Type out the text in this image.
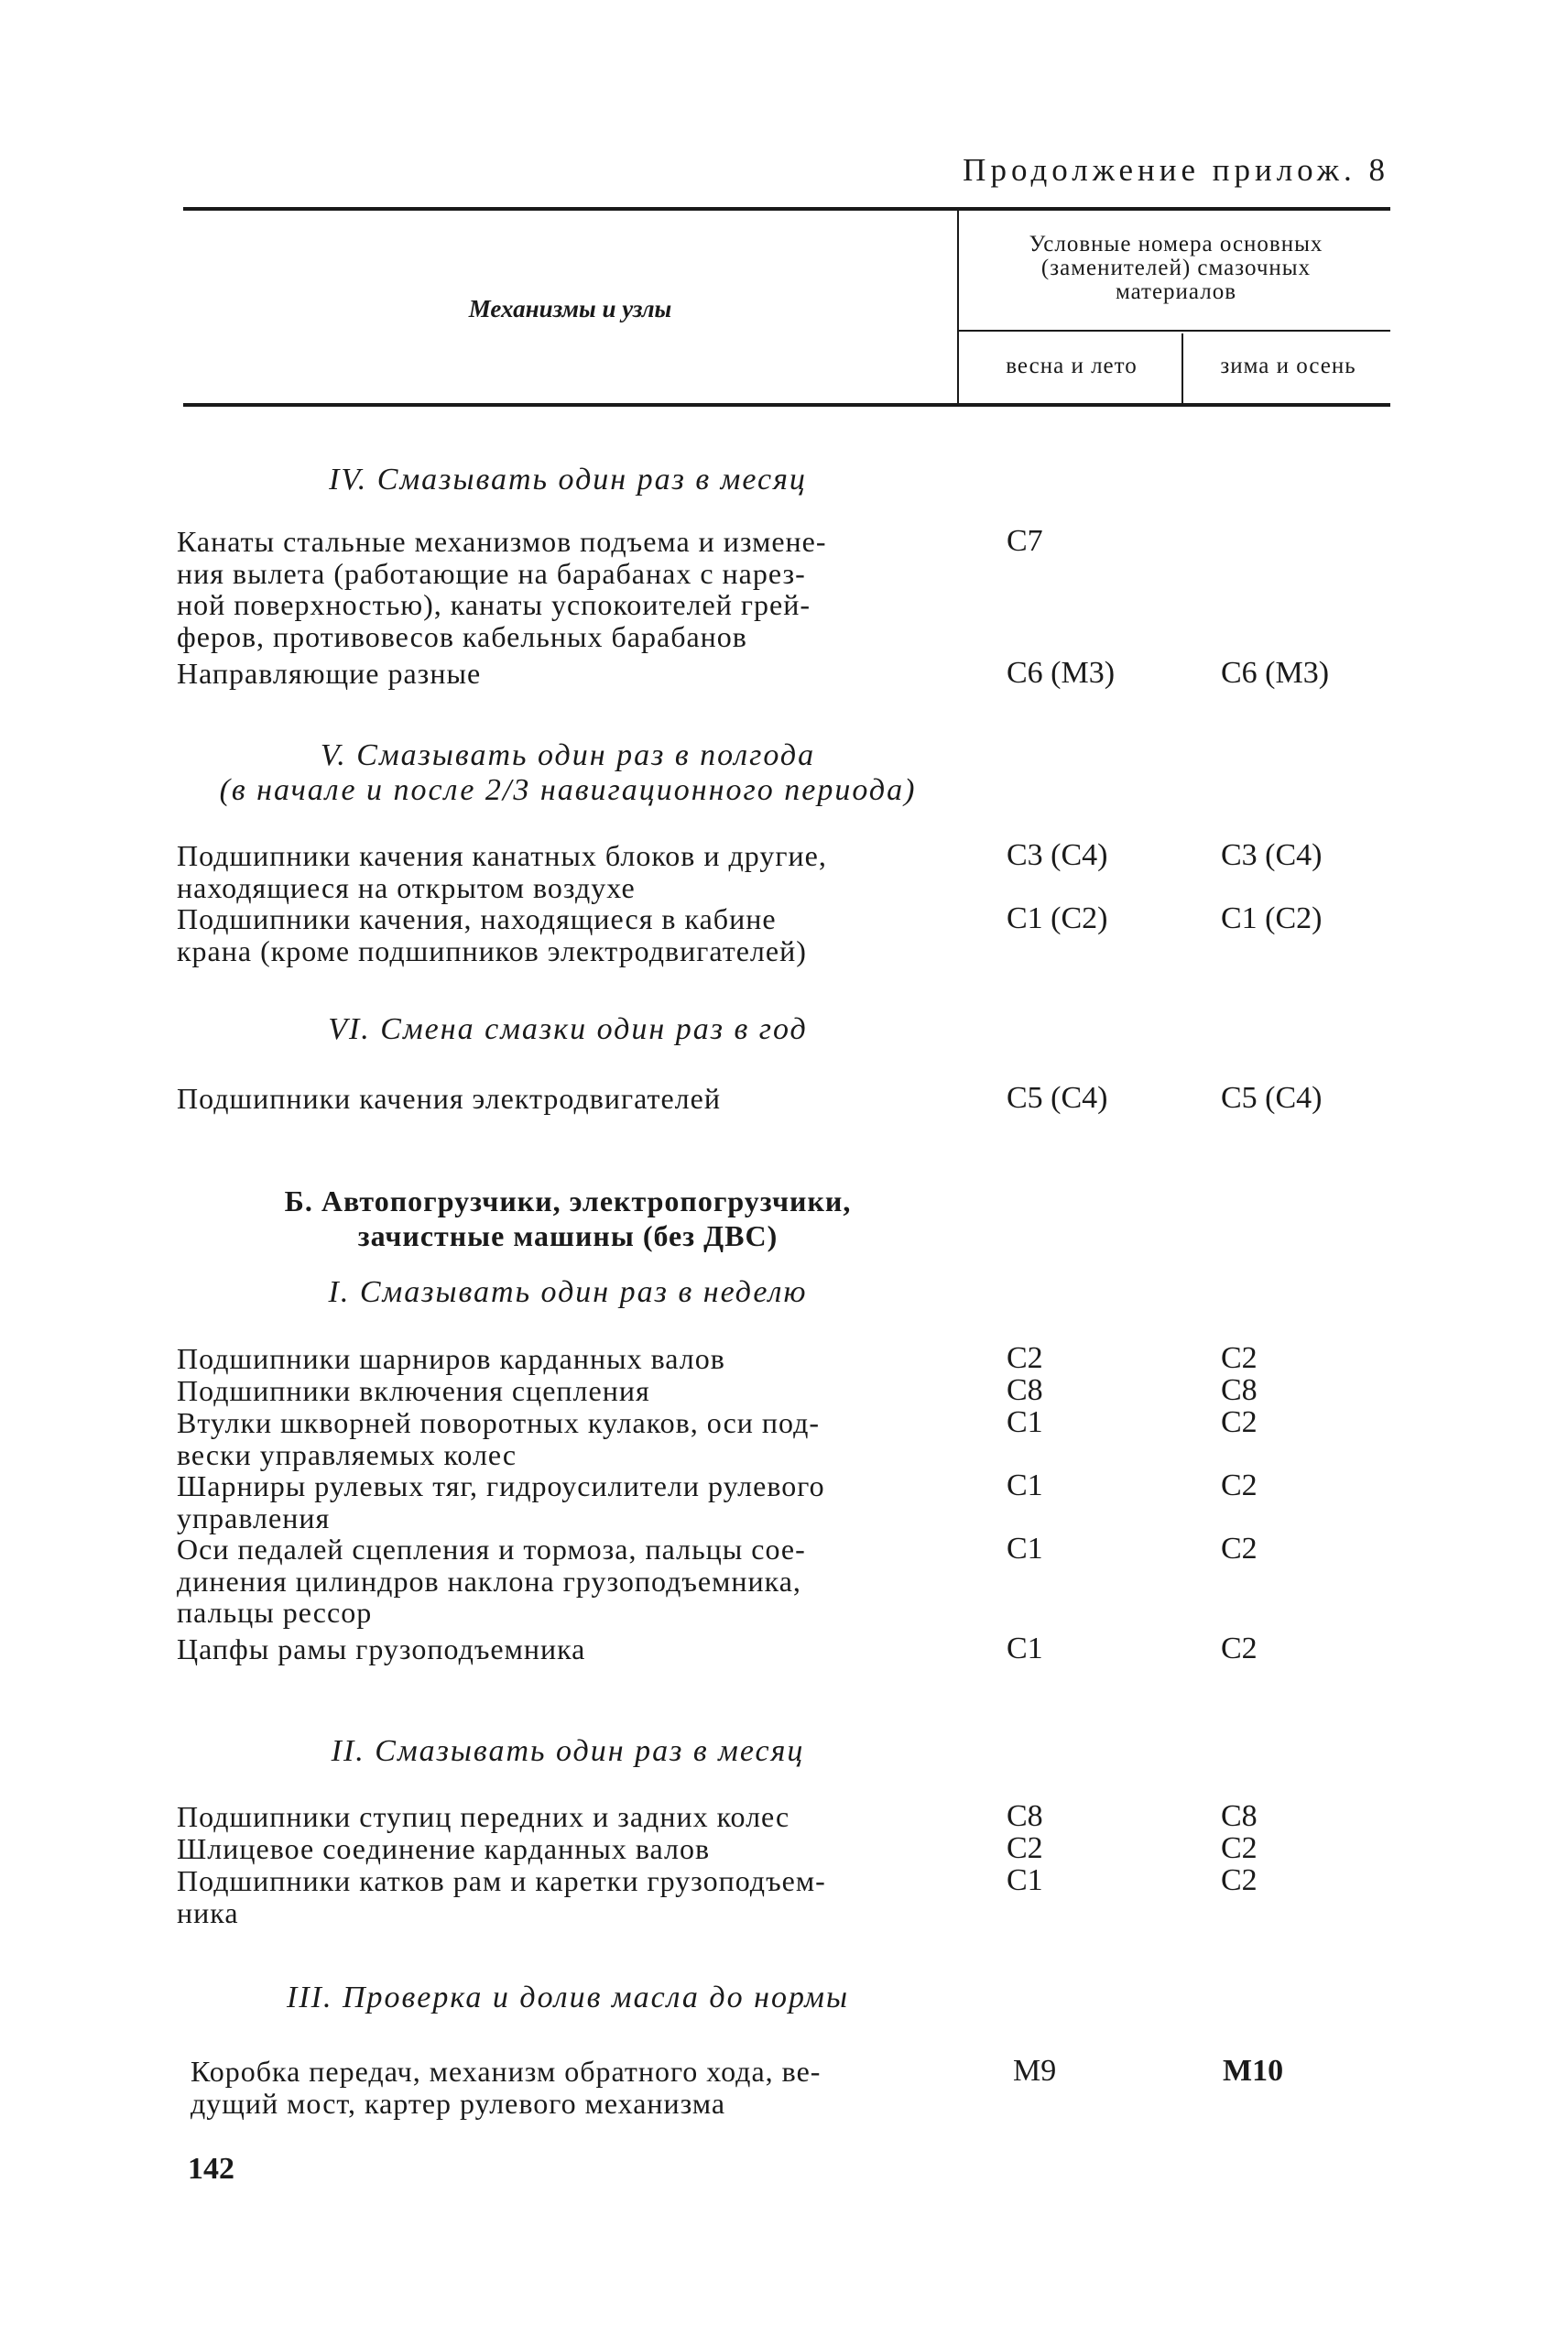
Продолжение прилож. 8
Механизмы и узлы
Условные номера основных
(заменителей) смазочных
материалов
весна и лето	зима и осень
IV. Смазывать один раз в месяц
Канаты стальные механизмов подъема и измене-
ния вылета (работающие на барабанах с нарез-
ной поверхностью), канаты успокоителей грей-
феров, противовесов кабельных барабанов
C7
Направляющие разные	C6 (M3)	C6 (M3)
V. Смазывать один раз в полгода
(в начале и после 2/3 навигационного периода)
Подшипники качения канатных блоков и другие,
находящиеся на открытом воздухе
C3 (C4)	C3 (C4)
Подшипники качения, находящиеся в кабине
крана (кроме подшипников электродвигателей)
C1 (C2)	C1 (C2)
VI. Смена смазки один раз в год
Подшипники качения электродвигателей	C5 (C4)	C5 (C4)
Б. Автопогрузчики, электропогрузчики,
зачистные машины (без ДВС)
I. Смазывать один раз в неделю
Подшипники шарниров карданных валов	C2	C2
Подшипники включения сцепления	C8	C8
Втулки шкворней поворотных кулаков, оси под-
вески управляемых колес
C1	C2
Шарниры рулевых тяг, гидроусилители рулевого
управления
C1	C2
Оси педалей сцепления и тормоза, пальцы сое-
динения цилиндров наклона грузоподъемника,
пальцы рессор
C1	C2
Цапфы рамы грузоподъемника	C1	C2
II. Смазывать один раз в месяц
Подшипники ступиц передних и задних колес	C8	C8
Шлицевое соединение карданных валов	C2	C2
Подшипники катков рам и каретки грузоподъем-
ника
C1	C2
III. Проверка и долив масла до нормы
Коробка передач, механизм обратного хода, ве-
дущий мост, картер рулевого механизма
M9	M10
142
